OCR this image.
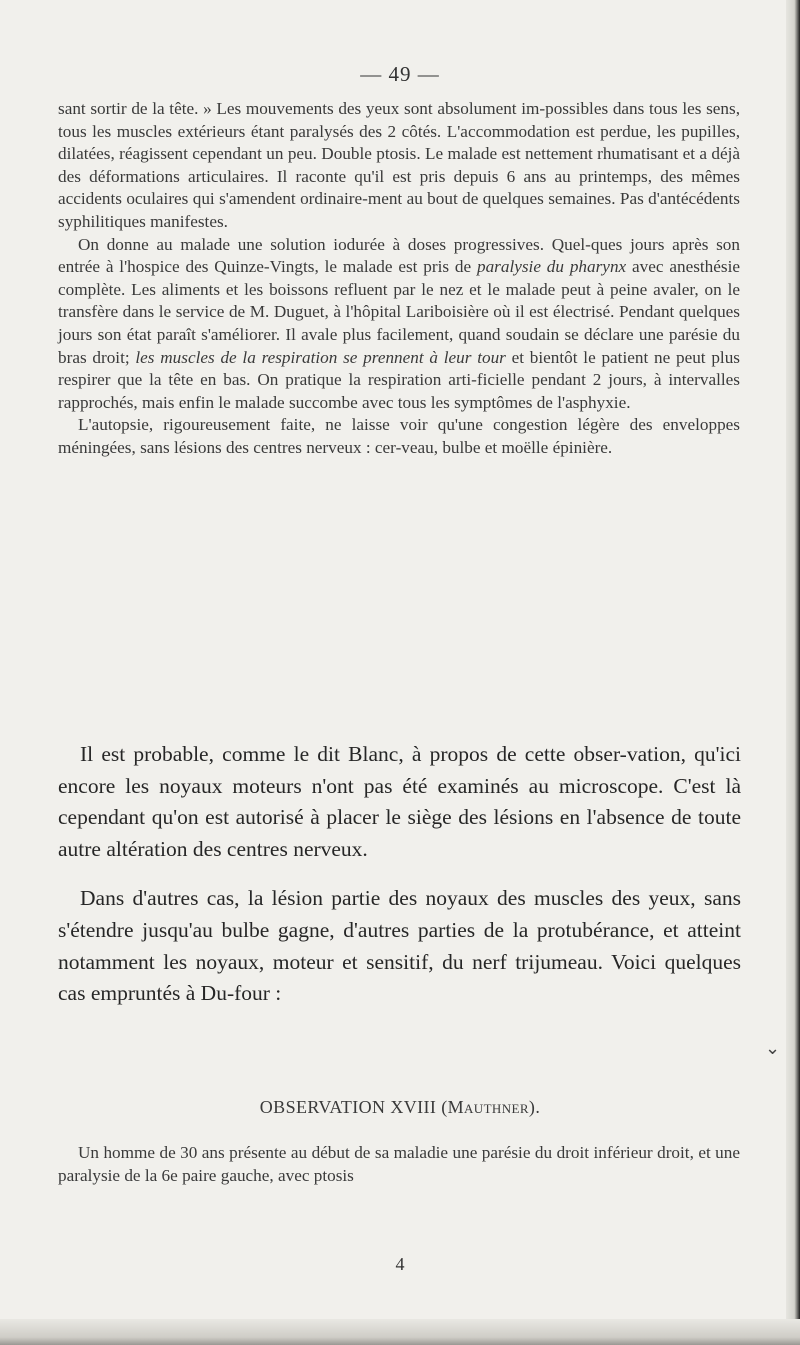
— 49 —

sant sortir de la tête. » Les mouvements des yeux sont absolument im-possibles dans tous les sens, tous les muscles extérieurs étant paralysés des 2 côtés. L'accommodation est perdue, les pupilles, dilatées, réagissent cependant un peu. Double ptosis. Le malade est nettement rhumatisant et a déjà des déformations articulaires. Il raconte qu'il est pris depuis 6 ans au printemps, des mêmes accidents oculaires qui s'amendent ordinaire-ment au bout de quelques semaines. Pas d'antécédents syphilitiques manifestes.

On donne au malade une solution iodurée à doses progressives. Quel-ques jours après son entrée à l'hospice des Quinze-Vingts, le malade est pris de paralysie du pharynx avec anesthésie complète. Les aliments et les boissons refluent par le nez et le malade peut à peine avaler, on le transfère dans le service de M. Duguet, à l'hôpital Lariboisière où il est électrisé. Pendant quelques jours son état paraît s'améliorer. Il avale plus facilement, quand soudain se déclare une parésie du bras droit; les muscles de la respiration se prennent à leur tour et bientôt le patient ne peut plus respirer que la tête en bas. On pratique la respiration arti-ficielle pendant 2 jours, à intervalles rapprochés, mais enfin le malade succombe avec tous les symptômes de l'asphyxie.

L'autopsie, rigoureusement faite, ne laisse voir qu'une congestion légère des enveloppes méningées, sans lésions des centres nerveux : cer-veau, bulbe et moëlle épinière.

Il est probable, comme le dit Blanc, à propos de cette obser-vation, qu'ici encore les noyaux moteurs n'ont pas été examinés au microscope. C'est là cependant qu'on est autorisé à placer le siège des lésions en l'absence de toute autre altération des centres nerveux.

Dans d'autres cas, la lésion partie des noyaux des muscles des yeux, sans s'étendre jusqu'au bulbe gagne, d'autres parties de la protubérance, et atteint notamment les noyaux, moteur et sensitif, du nerf trijumeau. Voici quelques cas empruntés à Du-four :

OBSERVATION XVIII (Mauthner).

Un homme de 30 ans présente au début de sa maladie une parésie du droit inférieur droit, et une paralysie de la 6e paire gauche, avec ptosis

4
⌄
